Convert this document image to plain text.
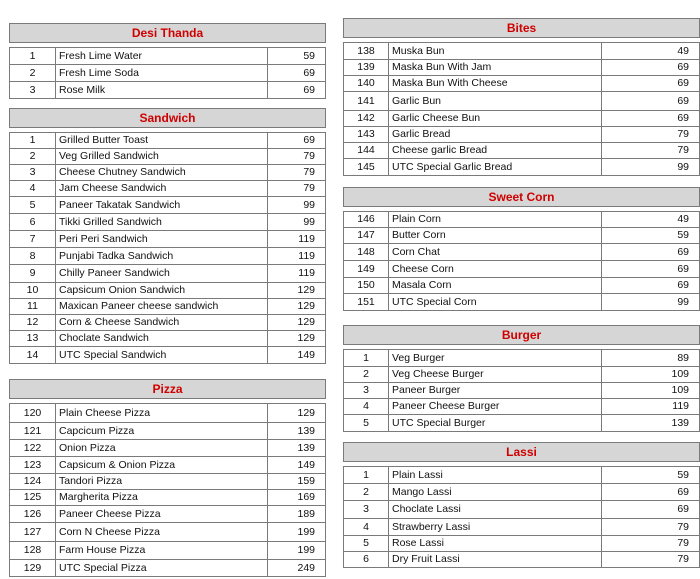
Desi Thanda		

1	Fresh Lime Water	59
2	Fresh Lime Soda	69
3	Rose Milk	69
Sandwich		

1	Grilled Butter Toast	69
2	Veg Grilled Sandwich	79
3	Cheese Chutney Sandwich	79
4	Jam Cheese Sandwich	79
5	Paneer Takatak Sandwich	99
6	Tikki Grilled Sandwich	99
7	Peri Peri Sandwich	119
8	Punjabi Tadka Sandwich	119
9	Chilly Paneer Sandwich	119
10	Capsicum Onion Sandwich	129
11	Maxican Paneer cheese sandwich	129
12	Corn & Cheese Sandwich	129
13	Choclate Sandwich	129
14	UTC Special Sandwich	149
Pizza		

120	Plain Cheese Pizza	129
121	Capcicum Pizza	139
122	Onion Pizza	139
123	Capsicum & Onion Pizza	149
124	Tandori Pizza	159
125	Margherita Pizza	169
126	Paneer Cheese Pizza	189
127	Corn N Cheese Pizza	199
128	Farm House Pizza	199
129	UTC Special Pizza	249
Bites		

138	Muska Bun	49
139	Maska Bun With Jam	69
140	Maska Bun With Cheese	69
141	Garlic Bun	69
142	Garlic Cheese Bun	69
143	Garlic Bread	79
144	Cheese garlic Bread	79
145	UTC Special Garlic Bread	99
Sweet Corn		

146	Plain Corn	49
147	Butter Corn	59
148	Corn Chat	69
149	Cheese Corn	69
150	Masala Corn	69
151	UTC Special Corn	99
Burger		

1	Veg Burger	89
2	Veg Cheese Burger	109
3	Paneer Burger	109
4	Paneer Cheese Burger	119
5	UTC Special Burger	139
Lassi		

1	Plain Lassi	59
2	Mango Lassi	69
3	Choclate Lassi	69
4	Strawberry Lassi	79
5	Rose Lassi	79
6	Dry Fruit Lassi	79
